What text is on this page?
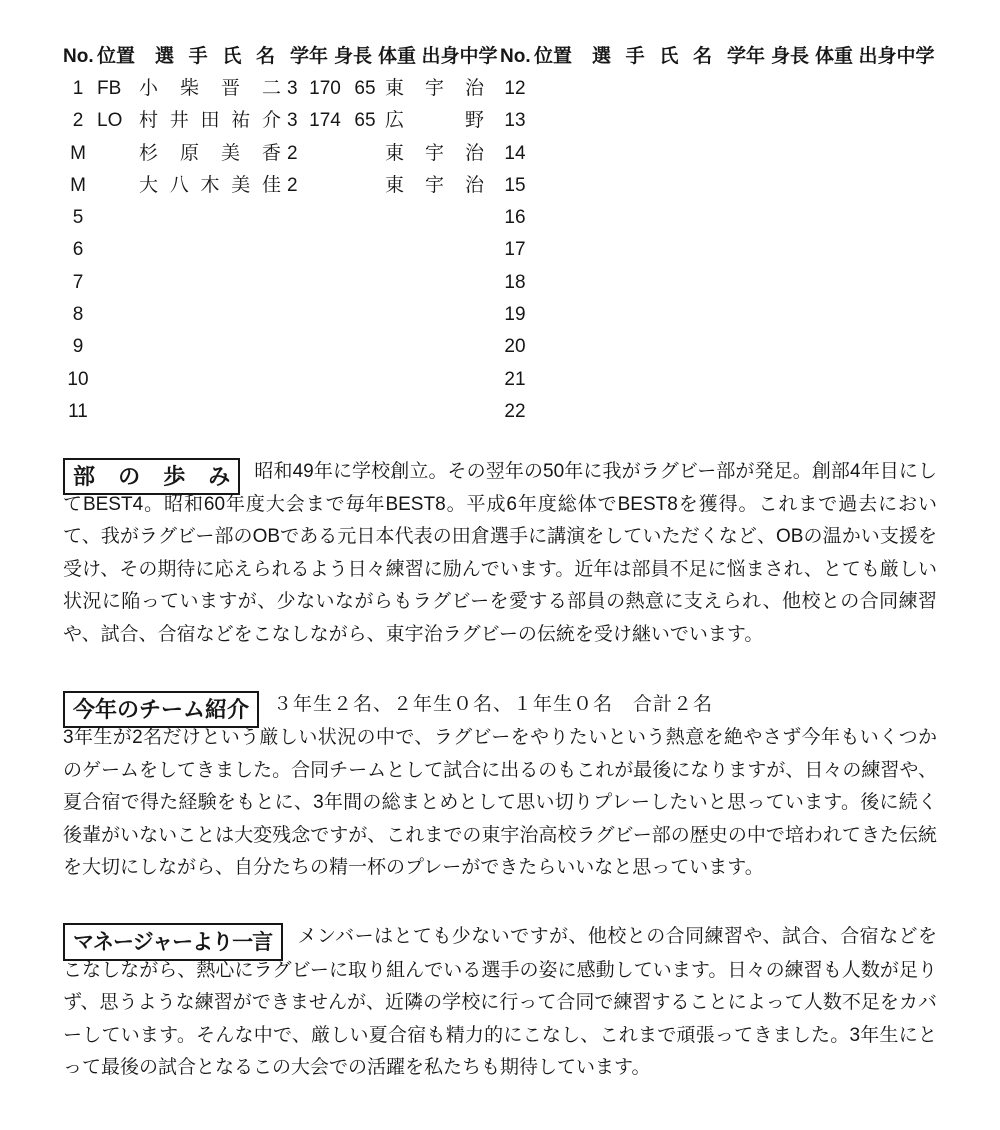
No. 位置	選手氏名 学年 身長 体重 出身中学 No. 位置	選手氏名 学年 身長 体重 出身中学
1 FB 小柴晋二 3 170 65 東宇治	12
2 LO 村井田祐介 3 174 65 広野	13
M	杉原美香 2	東宇治	14
M	大八木美佳 2	東宇治	15
5	16
6	17
7	18
8	19
9	20
10	21
11	22

部の歩み昭和49年に学校創立。その翌年の50年に我がラグビー部が発足。創部4年目にしてBEST4。昭和60年度大会まで毎年BEST8。平成6年度総体でBEST8を獲得。これまで過去において、我がラグビー部のOBである元日本代表の田倉選手に講演をしていただくなど、OBの温かい支援を受け、その期待に応えられるよう日々練習に励んでいます。近年は部員不足に悩まされ、とても厳しい状況に陥っていますが、少ないながらもラグビーを愛する部員の熱意に支えられ、他校との合同練習や、試合、合宿などをこなしながら、東宇治ラグビーの伝統を受け継いでいます。

今年のチーム紹介 ３年生２名、２年生０名、１年生０名　合計２名

3年生が2名だけという厳しい状況の中で、ラグビーをやりたいという熱意を絶やさず今年もいくつかのゲームをしてきました。合同チームとして試合に出るのもこれが最後になりますが、日々の練習や、夏合宿で得た経験をもとに、3年間の総まとめとして思い切りプレーしたいと思っています。後に続く後輩がいないことは大変残念ですが、これまでの東宇治高校ラグビー部の歴史の中で培われてきた伝統を大切にしながら、自分たちの精一杯のプレーができたらいいなと思っています。

マネージャーより一言 メンバーはとても少ないですが、他校との合同練習や、試合、合宿などをこなしながら、熱心にラグビーに取り組んでいる選手の姿に感動しています。日々の練習も人数が足りず、思うような練習ができませんが、近隣の学校に行って合同で練習することによって人数不足をカバーしています。そんな中で、厳しい夏合宿も精力的にこなし、これまで頑張ってきました。3年生にとって最後の試合となるこの大会での活躍を私たちも期待しています。
